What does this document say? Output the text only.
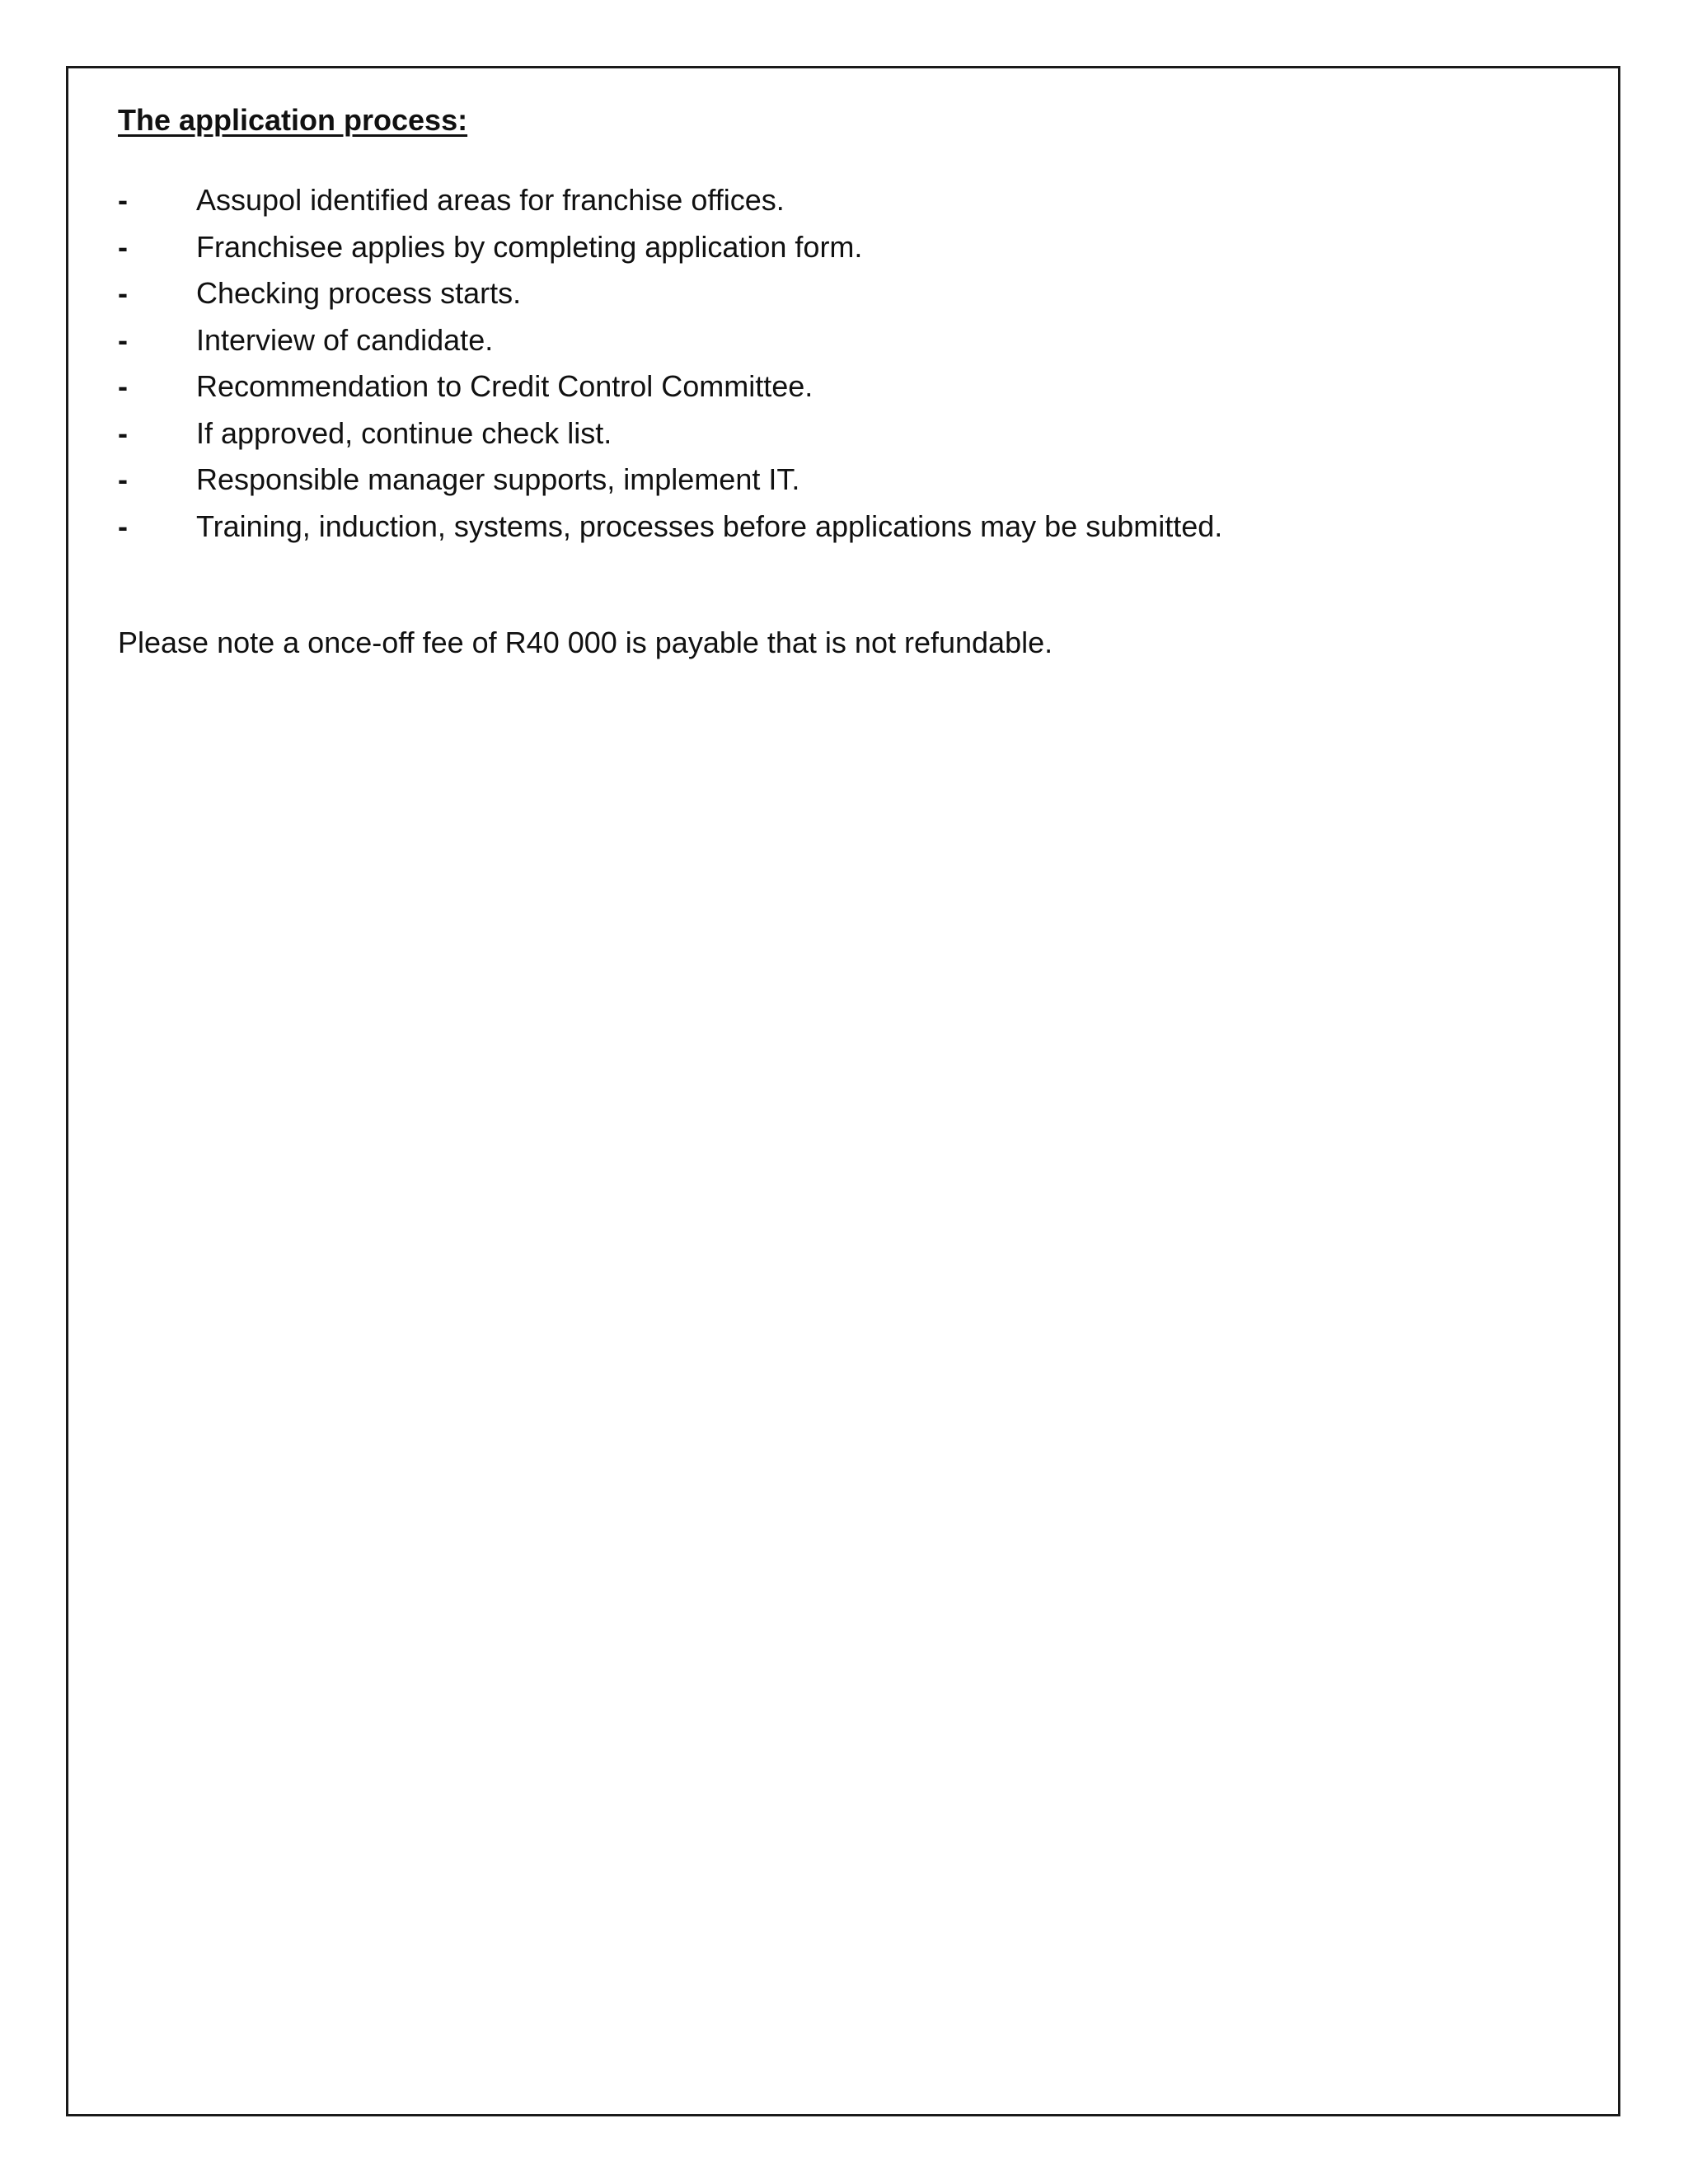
The application process:
-	Assupol identified areas for franchise offices.
-	Franchisee applies by completing application form.
-	Checking process starts.
-	Interview of candidate.
-	Recommendation to Credit Control Committee.
-	If approved, continue check list.
-	Responsible manager supports, implement IT.
-	Training, induction, systems, processes before applications may be submitted.

Please note a once-off fee of R40 000 is payable that is not refundable.
